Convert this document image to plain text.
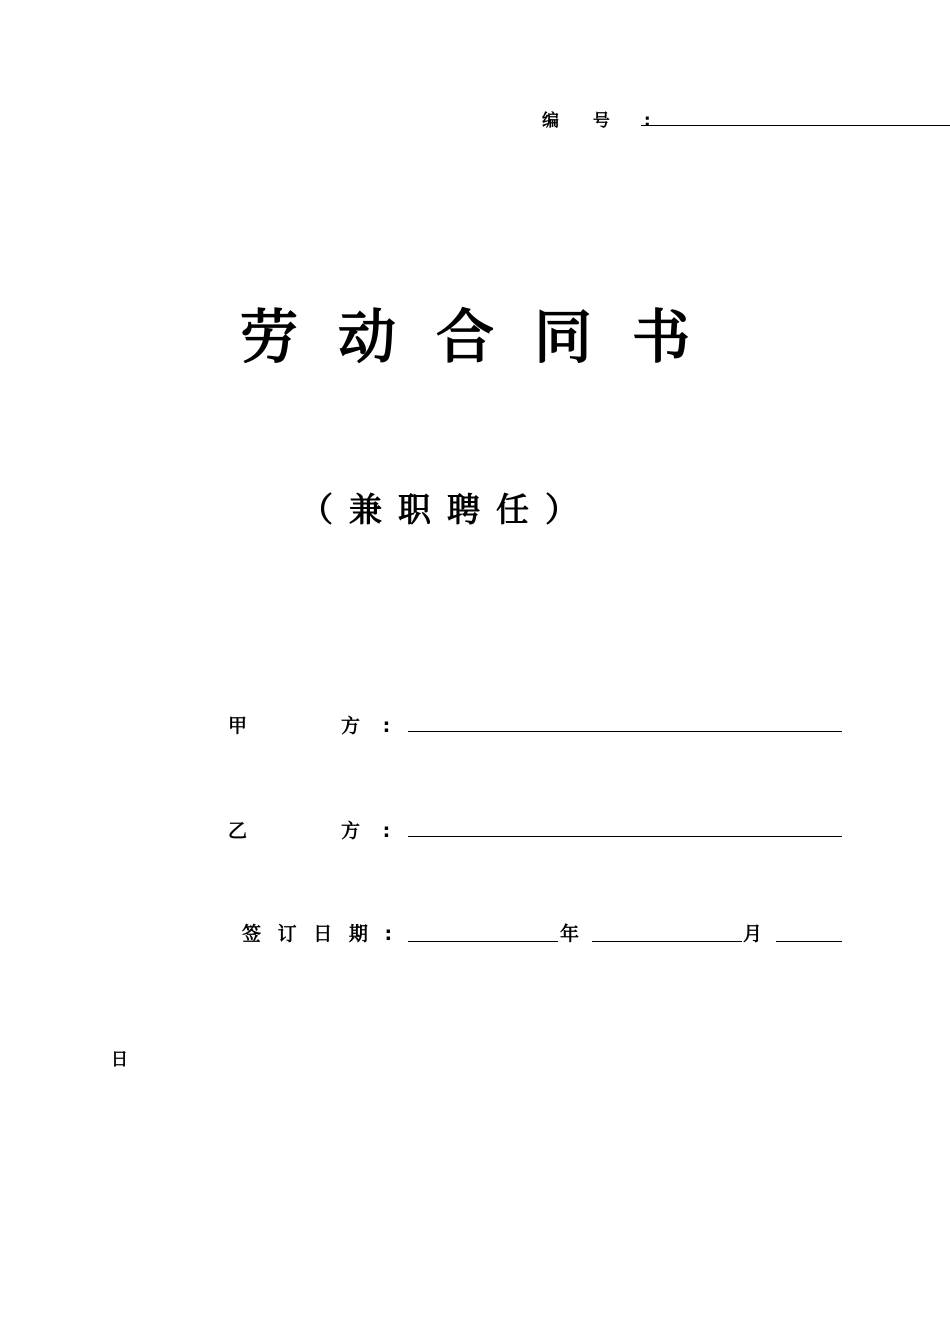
编 号 :
劳动合同书
（兼职聘任）
甲	方 :
乙	方 :
签 订 日 期 :	年	月
日
